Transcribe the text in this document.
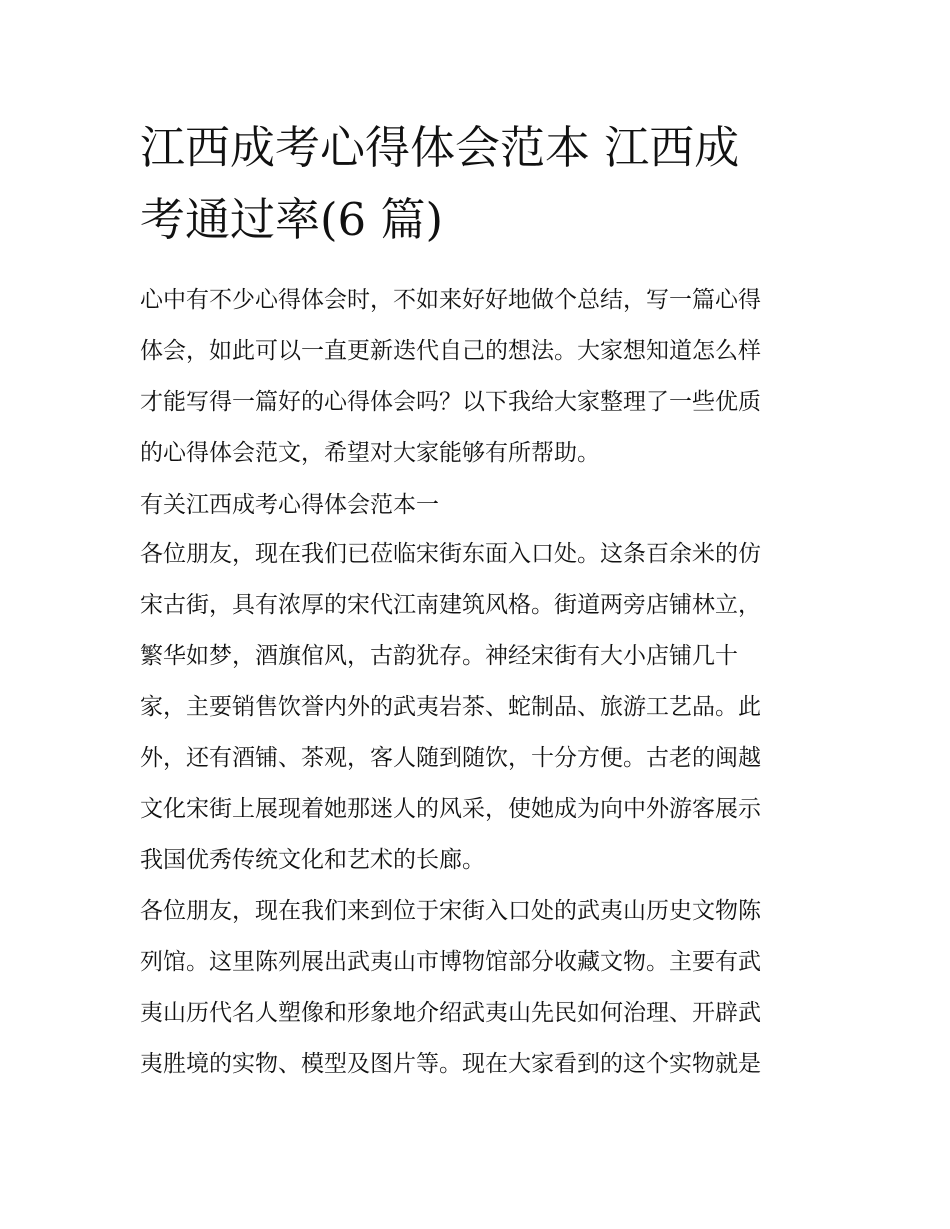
江西成考心得体会范本 江西成
考通过率(6 篇)
心中有不少心得体会时，不如来好好地做个总结，写一篇心得
体会，如此可以一直更新迭代自己的想法。大家想知道怎么样
才能写得一篇好的心得体会吗？以下我给大家整理了一些优质
的心得体会范文，希望对大家能够有所帮助。
有关江西成考心得体会范本一
各位朋友，现在我们已莅临宋街东面入口处。这条百余米的仿
宋古街，具有浓厚的宋代江南建筑风格。街道两旁店铺林立，
繁华如梦，酒旗倌风，古韵犹存。神经宋街有大小店铺几十
家，主要销售饮誉内外的武夷岩茶、蛇制品、旅游工艺品。此
外，还有酒铺、茶观，客人随到随饮，十分方便。古老的闽越
文化宋街上展现着她那迷人的风采，使她成为向中外游客展示
我国优秀传统文化和艺术的长廊。
各位朋友，现在我们来到位于宋街入口处的武夷山历史文物陈
列馆。这里陈列展出武夷山市博物馆部分收藏文物。主要有武
夷山历代名人塑像和形象地介绍武夷山先民如何治理、开辟武
夷胜境的实物、模型及图片等。现在大家看到的这个实物就是
